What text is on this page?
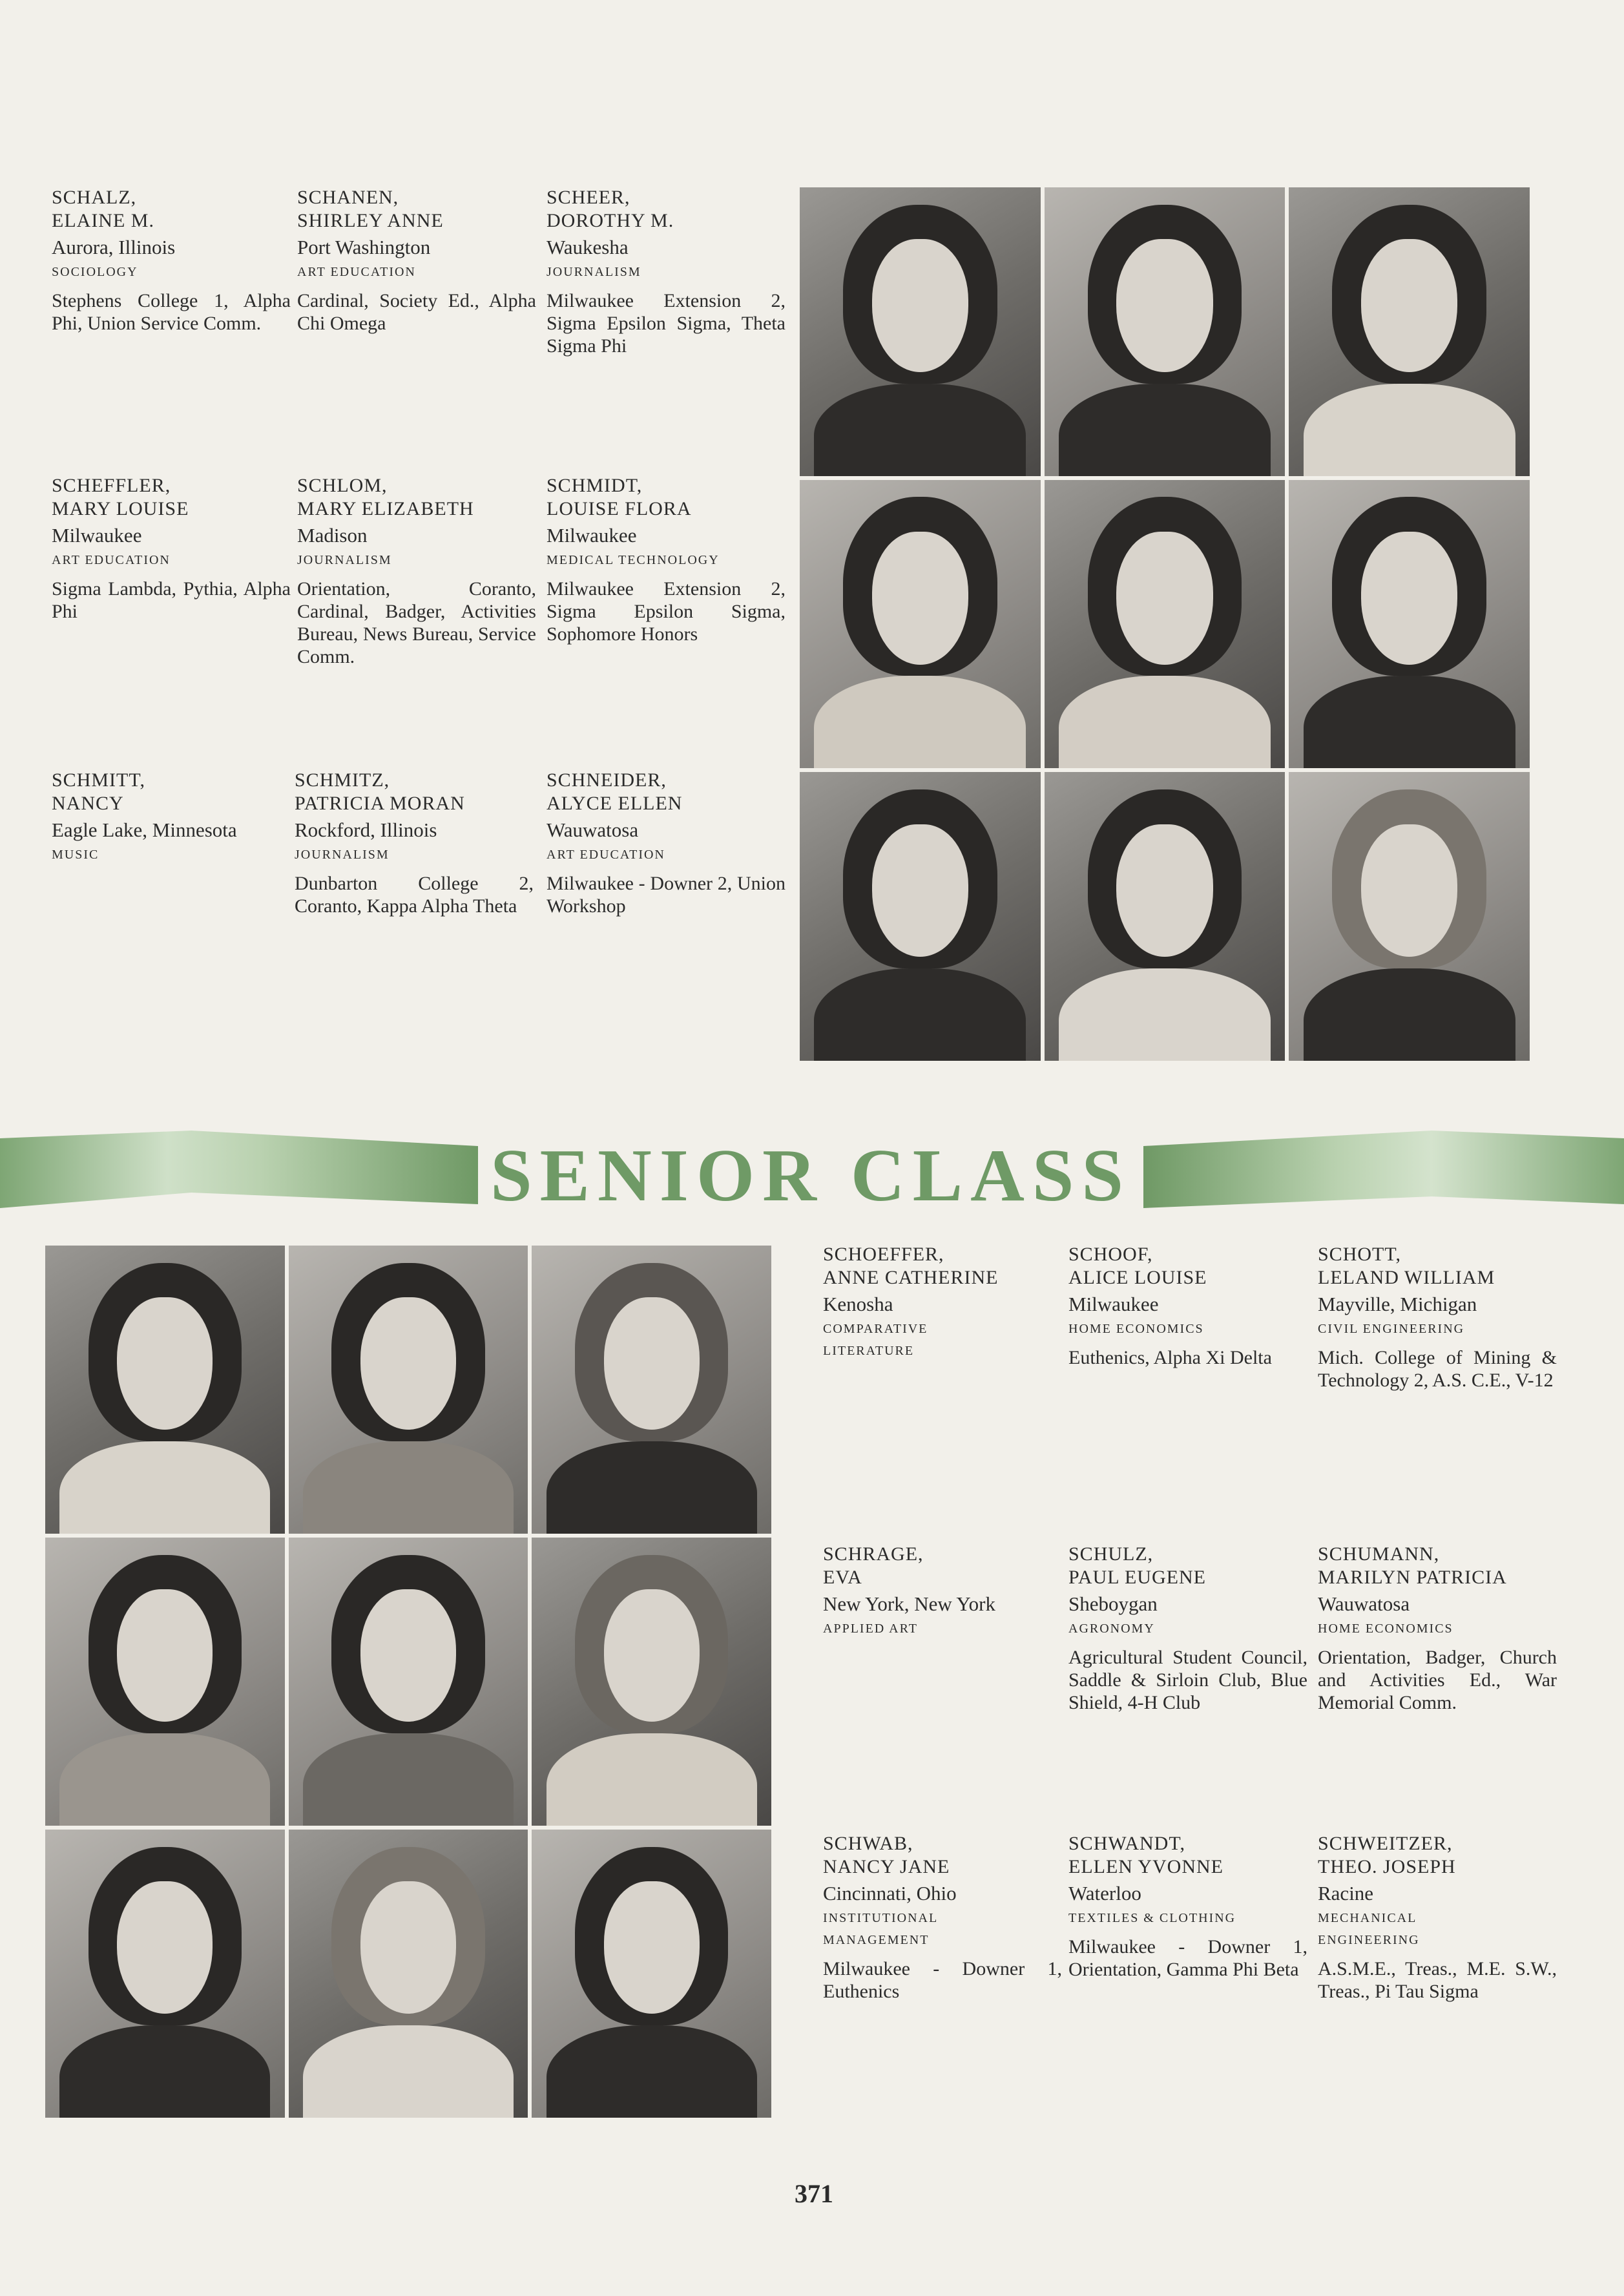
SCHALZ,
ELAINE M.
Aurora, Illinois
SOCIOLOGY
Stephens College 1, Alpha Phi, Union Service Comm.
SCHANEN,
SHIRLEY ANNE
Port Washington
ART EDUCATION
Cardinal, Society Ed., Alpha Chi Omega
SCHEER,
DOROTHY M.
Waukesha
JOURNALISM
Milwaukee Extension 2, Sigma Epsilon Sigma, Theta Sigma Phi
SCHEFFLER,
MARY LOUISE
Milwaukee
ART EDUCATION
Sigma Lambda, Pythia, Alpha Phi
SCHLOM,
MARY ELIZABETH
Madison
JOURNALISM
Orientation, Coranto, Cardinal, Badger, Activities Bureau, News Bureau, Service Comm.
SCHMIDT,
LOUISE FLORA
Milwaukee
MEDICAL TECHNOLOGY
Milwaukee Extension 2, Sigma Epsilon Sigma, Sophomore Honors
SCHMITT,
NANCY
Eagle Lake, Minnesota
MUSIC
SCHMITZ,
PATRICIA MORAN
Rockford, Illinois
JOURNALISM
Dunbarton College 2, Coranto, Kappa Alpha Theta
SCHNEIDER,
ALYCE ELLEN
Wauwatosa
ART EDUCATION
Milwaukee - Downer 2, Union Workshop
SENIOR CLASS
SCHOEFFER,
ANNE CATHERINE
Kenosha
COMPARATIVE
LITERATURE
SCHOOF,
ALICE LOUISE
Milwaukee
HOME ECONOMICS
Euthenics, Alpha Xi Delta
SCHOTT,
LELAND WILLIAM
Mayville, Michigan
CIVIL ENGINEERING
Mich. College of Mining & Technology 2, A.S. C.E., V-12
SCHRAGE,
EVA
New York, New York
APPLIED ART
SCHULZ,
PAUL EUGENE
Sheboygan
AGRONOMY
Agricultural Student Council, Saddle & Sirloin Club, Blue Shield, 4-H Club
SCHUMANN,
MARILYN PATRICIA
Wauwatosa
HOME ECONOMICS
Orientation, Badger, Church and Activities Ed., War Memorial Comm.
SCHWAB,
NANCY JANE
Cincinnati, Ohio
INSTITUTIONAL
MANAGEMENT
Milwaukee - Downer 1, Euthenics
SCHWANDT,
ELLEN YVONNE
Waterloo
TEXTILES & CLOTHING
Milwaukee - Downer 1, Orientation, Gamma Phi Beta
SCHWEITZER,
THEO. JOSEPH
Racine
MECHANICAL
ENGINEERING
A.S.M.E., Treas., M.E. S.W., Treas., Pi Tau Sigma
371
